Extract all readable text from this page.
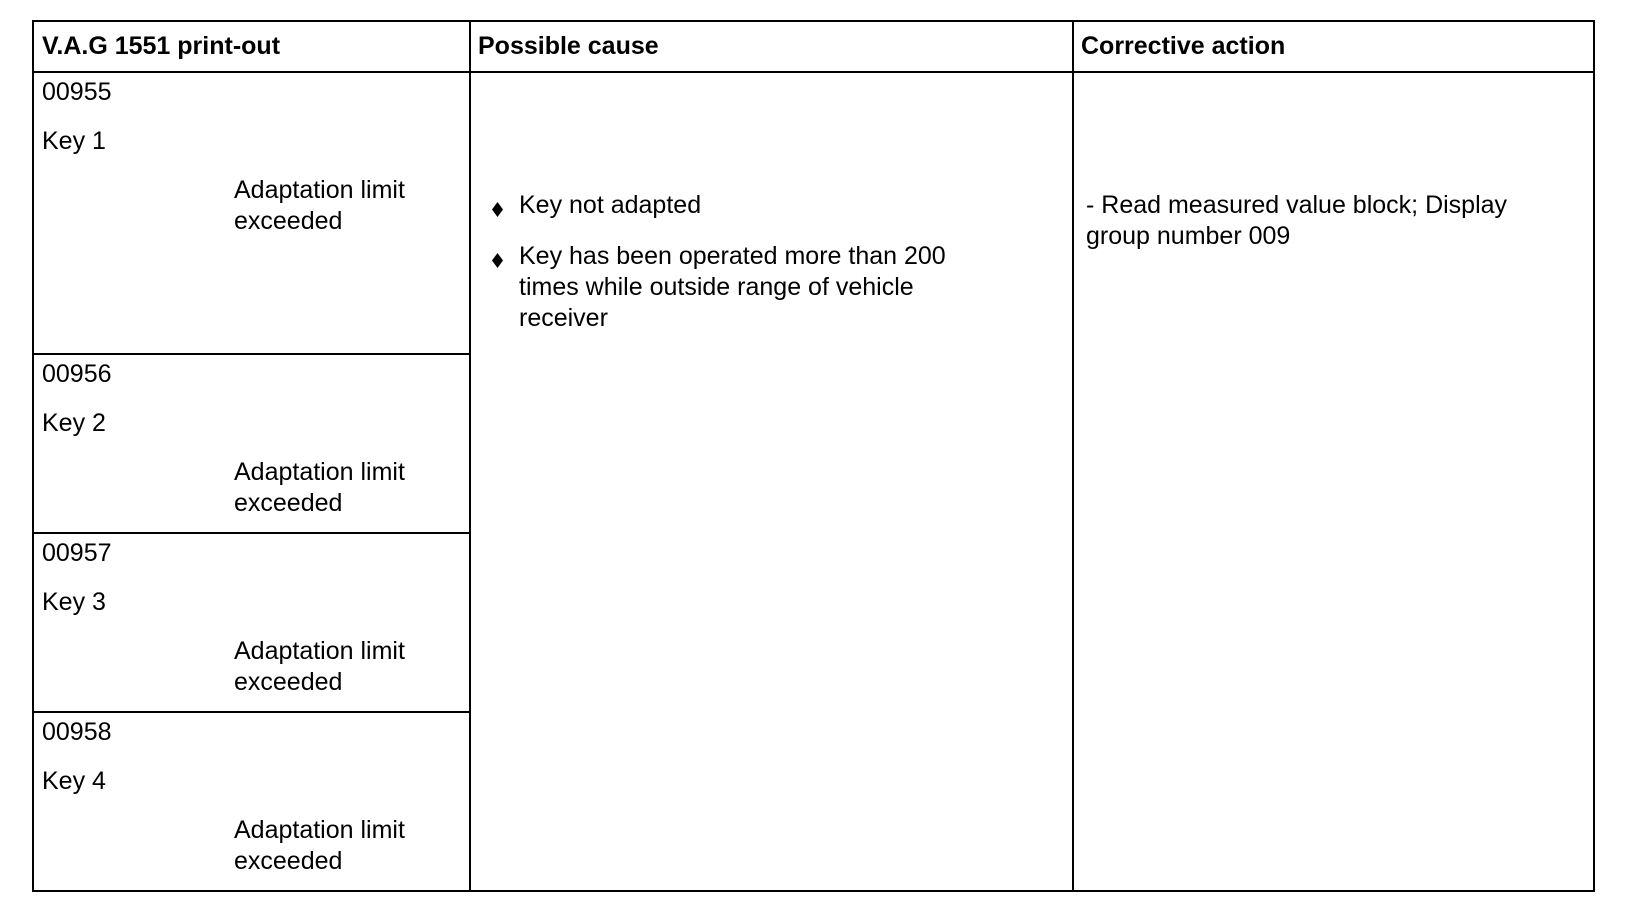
V.A.G 1551 print-out	Possible cause	Corrective action
00955
Key 1
Adaptation limit
exceeded
00956
Key 2
Adaptation limit
exceeded
00957
Key 3
Adaptation limit
exceeded
00958
Key 4
Adaptation limit
exceeded
Key not adapted
Key has been operated more than 200
times while outside range of vehicle
receiver
- Read measured value block; Display
group number 009
